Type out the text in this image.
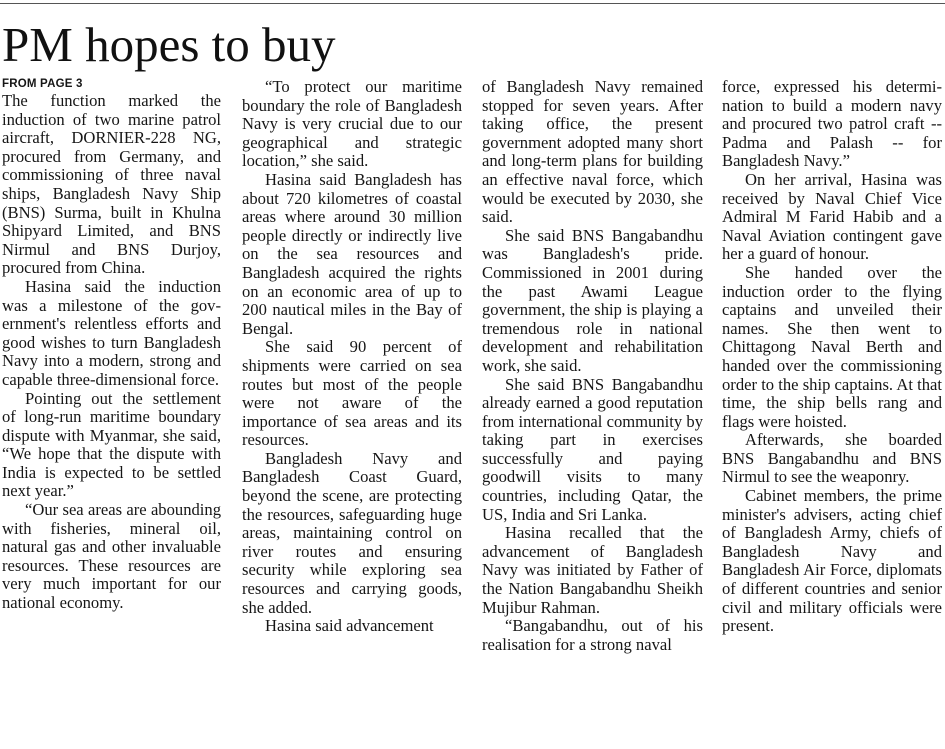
PM hopes to buy
FROM PAGE 3

The function marked the induction of two marine patrol aircraft, DORNIER-228 NG, procured from Germany, and commissioning of three naval ships, Bangladesh Navy Ship (BNS) Surma, built in Khulna Shipyard Limited, and BNS Nirmul and BNS Durjoy, procured from China.

Hasina said the induction was a milestone of the government's relentless efforts and good wishes to turn Bangladesh Navy into a modern, strong and capable three-dimensional force.

Pointing out the settlement of long-run maritime boundary dispute with Myanmar, she said, “We hope that the dispute with India is expected to be settled next year.”

“Our sea areas are abounding with fisheries, mineral oil, natural gas and other invaluable resources. These resources are very much important for our national economy.

“To protect our maritime boundary the role of Bangladesh Navy is very crucial due to our geographical and strategic location,” she said.

Hasina said Bangladesh has about 720 kilometres of coastal areas where around 30 million people directly or indirectly live on the sea resources and Bangladesh acquired the rights on an economic area of up to 200 nautical miles in the Bay of Bengal.

She said 90 percent of shipments were carried on sea routes but most of the people were not aware of the importance of sea areas and its resources.

Bangladesh Navy and Bangladesh Coast Guard, beyond the scene, are protecting the resources, safeguarding huge areas, maintaining control on river routes and ensuring security while exploring sea resources and carrying goods, she added.

Hasina said advancement

of Bangladesh Navy remained stopped for seven years. After taking office, the present government adopted many short and long-term plans for building an effective naval force, which would be executed by 2030, she said.

She said BNS Bangabandhu was Bangladesh's pride. Commissioned in 2001 during the past Awami League government, the ship is playing a tremendous role in national development and rehabilitation work, she said.

She said BNS Bangabandhu already earned a good reputation from international community by taking part in exercises successfully and paying goodwill visits to many countries, including Qatar, the US, India and Sri Lanka.

Hasina recalled that the advancement of Bangladesh Navy was initiated by Father of the Nation Bangabandhu Sheikh Mujibur Rahman.

“Bangabandhu, out of his realisation for a strong naval

force, expressed his determination to build a modern navy and procured two patrol craft -- Padma and Palash -- for Bangladesh Navy.”

On her arrival, Hasina was received by Naval Chief Vice Admiral M Farid Habib and a Naval Aviation contingent gave her a guard of honour.

She handed over the induction order to the flying captains and unveiled their names. She then went to Chittagong Naval Berth and handed over the commissioning order to the ship captains. At that time, the ship bells rang and flags were hoisted.

Afterwards, she boarded BNS Bangabandhu and BNS Nirmul to see the weaponry.

Cabinet members, the prime minister's advisers, acting chief of Bangladesh Army, chiefs of Bangladesh Navy and Bangladesh Air Force, diplomats of different countries and senior civil and military officials were present.
